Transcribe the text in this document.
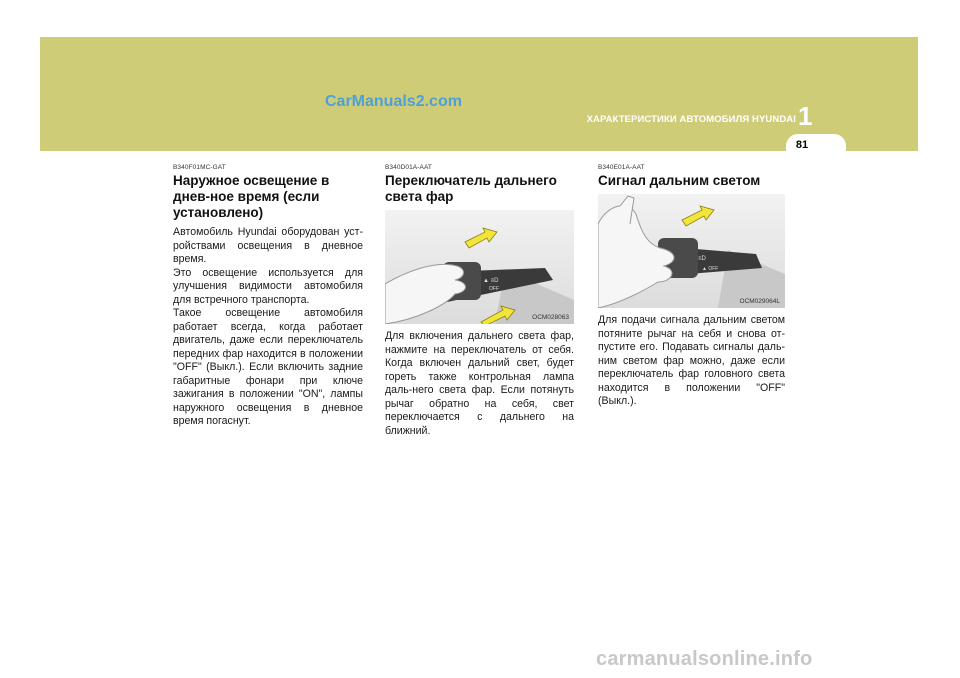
CarManuals2.com
ХАРАКТЕРИСТИКИ АВТОМОБИЛЯ HYUNDAI 1
81
B340F01MC-GAT
Наружное освещение в днев-ное время (если установлено)
Автомобиль Hyundai оборудован уст-ройствами освещения в дневное время.
Это освещение используется для улучшения видимости автомобиля для встречного транспорта.
Такое освещение автомобиля работает всегда, когда работает двигатель, даже если переключатель передних фар находится в положении "OFF" (Выкл.). Если включить задние габаритные фонари при ключе зажигания в положении "ON", лампы наружного освещения в дневное время погаснут.
B340D01A-AAT
Переключатель дальнего света фар
▲ ≡D
OFF
OCM028063
Для включения дальнего света фар, нажмите на переключатель от себя. Когда включен дальний свет, будет гореть также контрольная лампа даль-него света фар. Если потянуть рычаг обратно на себя, свет переключается с дальнего на ближний.
B340E01A-AAT
Сигнал дальним светом
≡D
▲ OFF
OCM029064L
Для подачи сигнала дальним светом потяните рычаг на себя и снова от-пустите его. Подавать сигналы даль-ним светом фар можно, даже если переключатель фар головного света находится в положении "OFF" (Выкл.).
carmanualsonline.info
